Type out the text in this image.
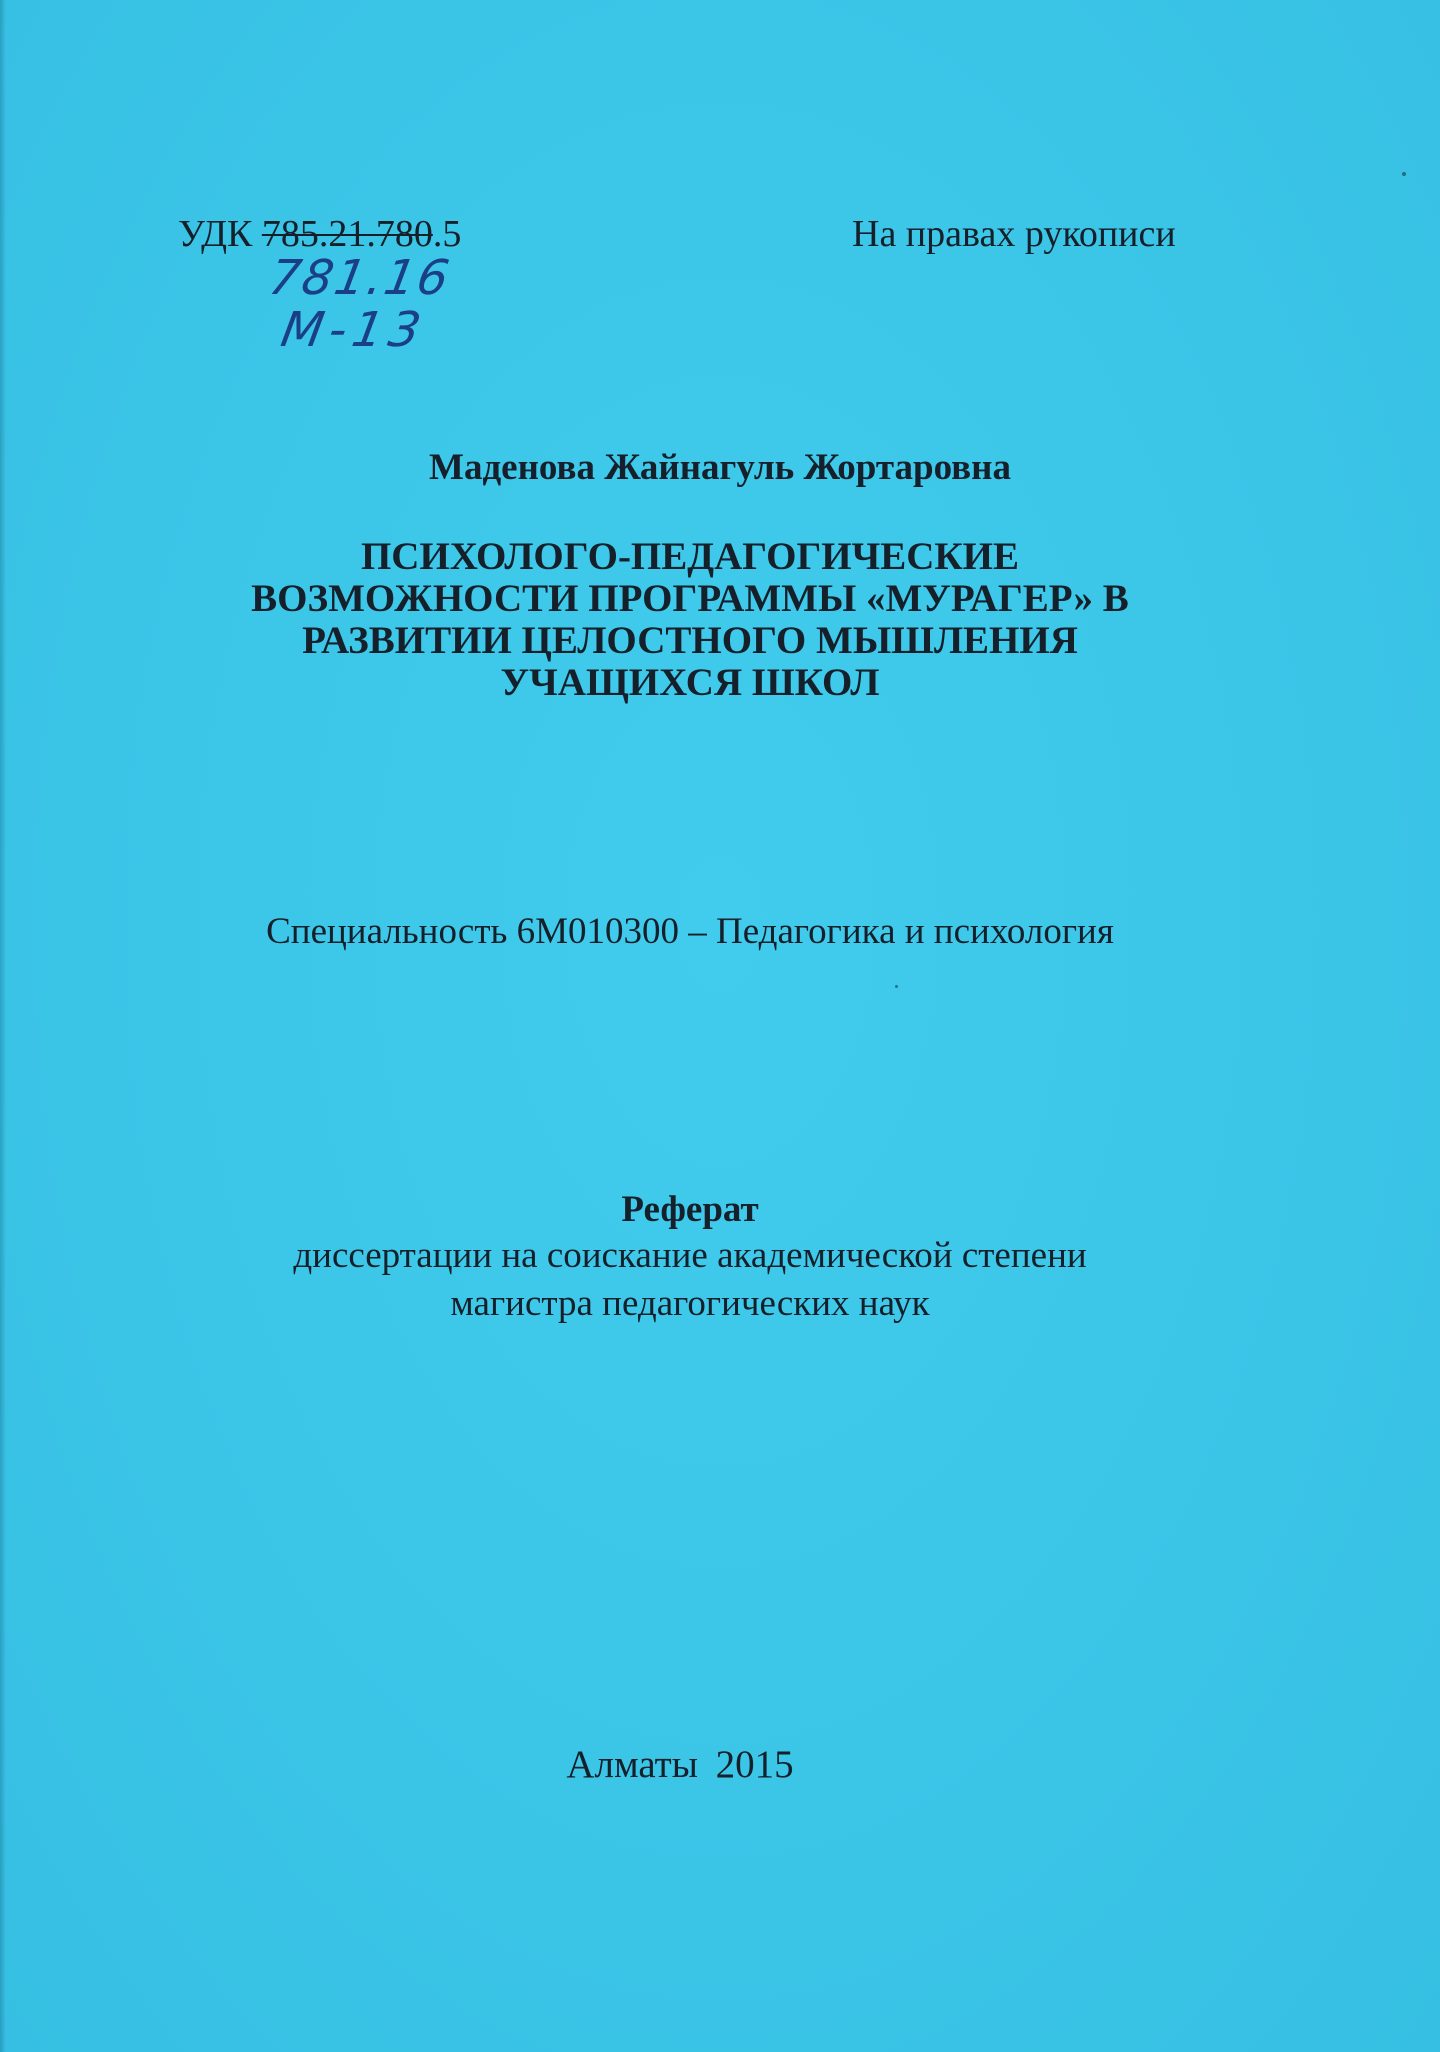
УДК 785.21.780.5	На правах рукописи
781.16
М-13
Маденова Жайнагуль Жортаровна
ПСИХОЛОГО-ПЕДАГОГИЧЕСКИЕ
ВОЗМОЖНОСТИ ПРОГРАММЫ «МУРАГЕР» В
РАЗВИТИИ ЦЕЛОСТНОГО МЫШЛЕНИЯ
УЧАЩИХСЯ ШКОЛ
Специальность 6М010300 – Педагогика и психология
Реферат
диссертации на соискание академической степени
магистра педагогических наук
Алматы 2015
